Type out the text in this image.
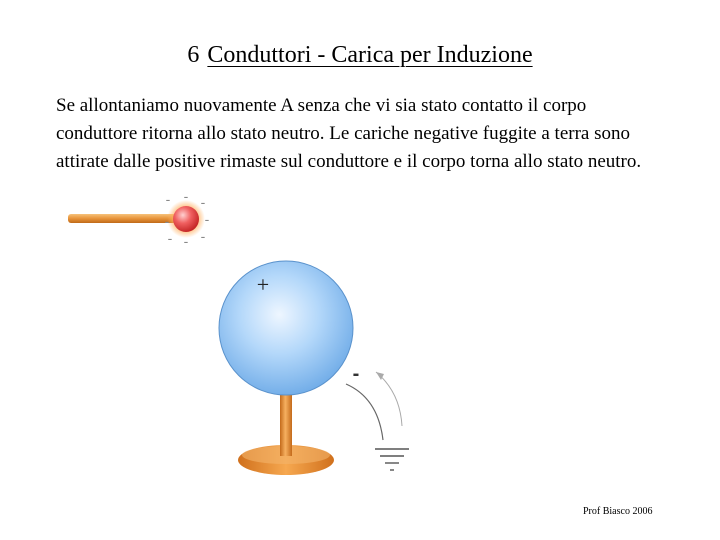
6 Conduttori - Carica per Induzione

Se allontaniamo nuovamente A senza che vi sia stato contatto il corpo

conduttore ritorna allo stato neutro. Le cariche negative fuggite a terra sono

attirate dalle positive rimaste sul conduttore e il corpo torna allo stato neutro.

- - -
-
-
-
-
-
+
-
Prof Biasco 2006
